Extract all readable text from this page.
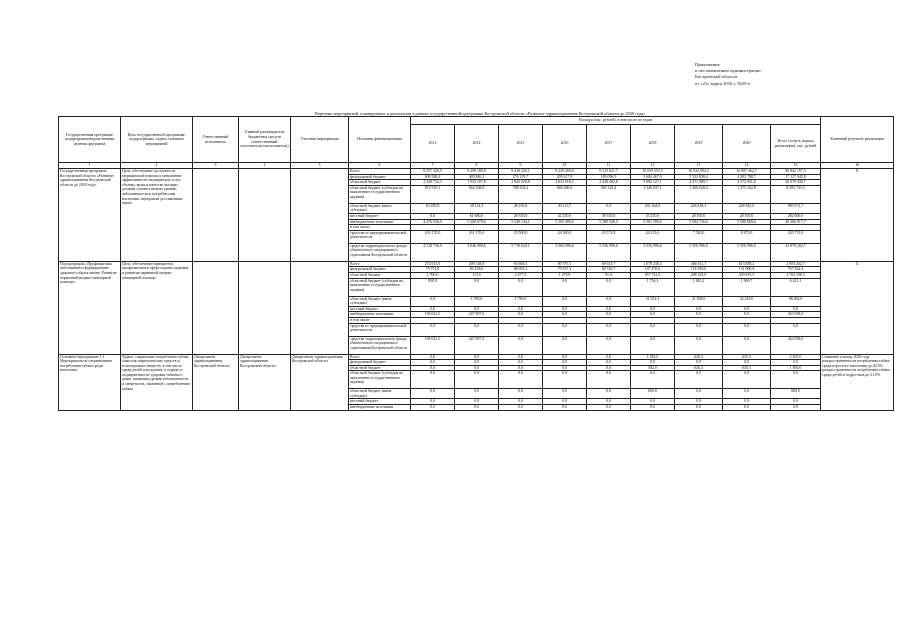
Приложение
к постановлению администрации
Костромской области
от «21» марта 2016 г. №85-а
Перечень мероприятий, планируемых к реализации в рамках государственной программы Костромской области «Развитие здравоохранения Костромской области до 2020 года»
Государственная программа/подпрограмма/ведомственная целевая программа	Цель государственной программы/подпрограммы, задачи основных мероприятий	Ответственный исполнитель	Главный распорядитель бюджетных средств (ответственный исполнитель/соисполнитель)	Участник мероприятия	Источник финансирования	Расходы (тыс. рублей), в том числе по годам									Конечный результат реализации
						2013	2014	2015	2016	2017	2018	2019	2020	Итого (за весь период реализации), тыс. рублей	
1	2	3	4	5	6	7	8	9	10	11	12	13	14	15	16
Государственная программа Костромской области «Развитие здравоохранения Костромской области до 2020 года»	Цель: обеспечение доступности медицинской помощи и повышение эффективности медицинских услуг, объемы, виды и качество которых должны соответствовать уровню заболеваемости и потребностям населения, передовым достижениям науки				Всего	8 257 426,5	9 298 180,8	9 438 226,1	9 229 260,6	9 215 621,7	10 039 553,5	16 924 994,3	16 887 462,7	96 842 197,5	X
					федеральный бюджет	696 588,4	480 846,1	276 219,7	205 617,9	189 096,9	3 684 467,9	5 332 838,4	4 282 788,7	17 127 945,8	
					областной бюджет	2 348 734,3	1 933 107,8	2 843 028,8	2 633 918,2	2 458 482,8	5 082 127,1	4 471 989,7	4 372 931,0	26 079 430,7	
					областной бюджет (субсидия на выполнение государственного задания)	872 919,3	944 168,8	788 333,2	846 360,6	949 143,4	1 346 837,1	1 360 628,4	1 375 342,8	8 505 733,5	
					областной бюджет (иные субсидии)	63 289,8	38 114,3	48 190,3	30 213,7	0,0	201 264,8	248 438,3	248 581,0	980 972,7	
					местный бюджет	0,0	61 680,0	28 350,0	42 250,0	38 350,0	53 250,0	28 350,0	28 350,0	282 600,0	
					внебюджетные источники	4 476 536,0	5 208 079,6	5 330 144,1	5 585 496,6	5 580 548,5	5 581 596,6	5 584 736,6	5 588 869,6	40 386 917,7	
					в том числе:										
					средства от предпринимательской деятельности	103 170,0	161 170,0	25 500,0	24 500,0	23 572,8	24 215,0	7 740,0	8 873,0	435 715,8	
					средства территориального фонда обязательного медицинского страхования Костромской области	4 318 756,0	5 046 909,6	5 719 644,1	5 560 996,6	5 556 996,6	5 556 996,6	5 556 996,6	5 556 996,6	42 878 202,7	
Подпрограмма «Профилактика заболеваний и формирование здорового образа жизни. Развитие первичной медико-санитарной помощи»	Цель: обеспечение приоритета профилактики в сфере охраны здоровья и развития первичной медико-санитарной помощи				Всего	274 615,6	209 148,8	93 668,3	80 787,1	69 631,7	1 078 230,3	466 611,7	613 838,2	2 903 262,7	X
					федеральный бюджет	75 974,0	83 438,6	88 092,3	79 557,3	68 740,7	107 470,0	114 659,0	131 900,0	767 832,3	
					областной бюджет	1 700,6	113,6	2 677,3	1 479,8	91,0	957 741,0	298 335,9	459 819,5	1 702 108,5	
					областной бюджет (субсидия на выполнение государственного задания)	850,0	0,0	0,0	0,0	0,0	1 756,3	1 845,2	1 969,7	6 421,1	
					областной бюджет (иные субсидии)	0,0	1 780,0	1 780,0	0,0	0,0	31 352,3	31 398,6	32 249,0	98 382,9	
					местный бюджет	0,0	0,0	0,0	0,0	0,0	0,0	0,0	0,0	0,0	
					внебюджетные источники	196 041,0	247 897,0	0,0	0,0	0,0	0,0	0,0	0,0	443 938,0	
					в том числе:										
					средства от предпринимательской деятельности	0,0	0,0	0,0	0,0	0,0	0,0	0,0	0,0	0,0	
					средства территориального фонда обязательного медицинского страхования Костромской области	196 041,0	247 897,0	0,0	0,0	0,0	0,0	0,0	0,0	443 938,0	
Основное мероприятие 1.1. Мероприятия по отграничению потребления табака среди населения	Задача: сокращение потребления табака, алкоголя, наркотических средств и психотропных веществ, в том числе среди детей и молодежи, в охране от подверженности здоровья табачного дыма, снижения уровня заболеваемости и смертности, связанной с потреблением табака	Департамент здравоохранения Костромской области	Департамент здравоохранения Костромской области	Департамент здравоохранения Костромской области	Всего	0,0	0,0	0,0	0,0	0,0	1 282,0	626,3	635,3	2 650,0	Снижение к концу 2020 года распространенности потребления табака среди взрослого населения до 26,5%, распространенности потребления табака среди детей и подростков до 21,0%
					федеральный бюджет	0,0	0,0	0,0	0,0	0,0	0,0	0,0	0,0	0,0	
					областной бюджет	0,0	0,0	0,0	0,0	0,0	582,0	626,3	635,3	1 850,0	
					областной бюджет (субсидия на выполнение государственного задания)	0,0	0,0	0,0	0,0	0,0	0,0	0,0	0,0	0,0	
					областной бюджет (иные субсидии)	0,0	0,0	0,0	0,0	0,0	800,0	0,0	0,0	800,0	
					местный бюджет	0,0	0,0	0,0	0,0	0,0	0,0	0,0	0,0	0,0	
					внебюджетные источники	0,0	0,0	0,0	0,0	0,0	0,0	0,0	0,0	0,0	
